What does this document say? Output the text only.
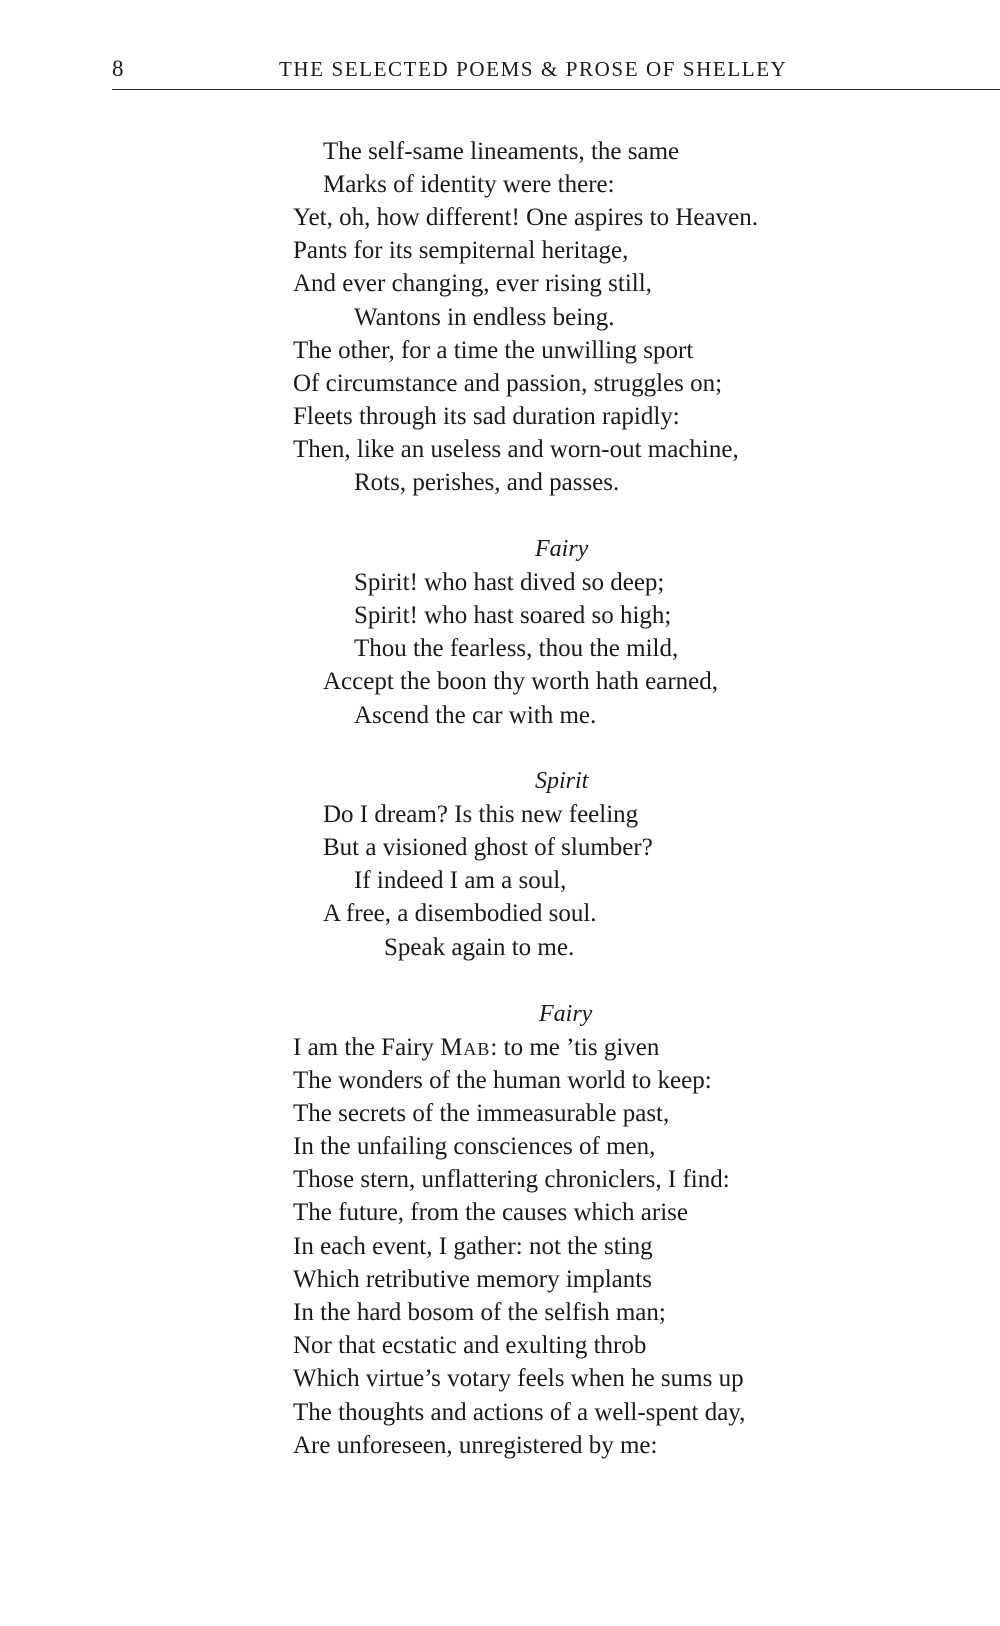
8	THE SELECTED POEMS & PROSE OF SHELLEY
The self-same lineaments, the same
Marks of identity were there:
Yet, oh, how different! One aspires to Heaven.
Pants for its sempiternal heritage,
And ever changing, ever rising still,
Wantons in endless being.
The other, for a time the unwilling sport
Of circumstance and passion, struggles on;
Fleets through its sad duration rapidly:
Then, like an useless and worn-out machine,
Rots, perishes, and passes.
Fairy
Spirit! who hast dived so deep;
Spirit! who hast soared so high;
Thou the fearless, thou the mild,
Accept the boon thy worth hath earned,
Ascend the car with me.
Spirit
Do I dream? Is this new feeling
But a visioned ghost of slumber?
If indeed I am a soul,
A free, a disembodied soul.
Speak again to me.
Fairy
I am the Fairy Mab: to me ’tis given
The wonders of the human world to keep:
The secrets of the immeasurable past,
In the unfailing consciences of men,
Those stern, unflattering chroniclers, I find:
The future, from the causes which arise
In each event, I gather: not the sting
Which retributive memory implants
In the hard bosom of the selfish man;
Nor that ecstatic and exulting throb
Which virtue’s votary feels when he sums up
The thoughts and actions of a well-spent day,
Are unforeseen, unregistered by me:
